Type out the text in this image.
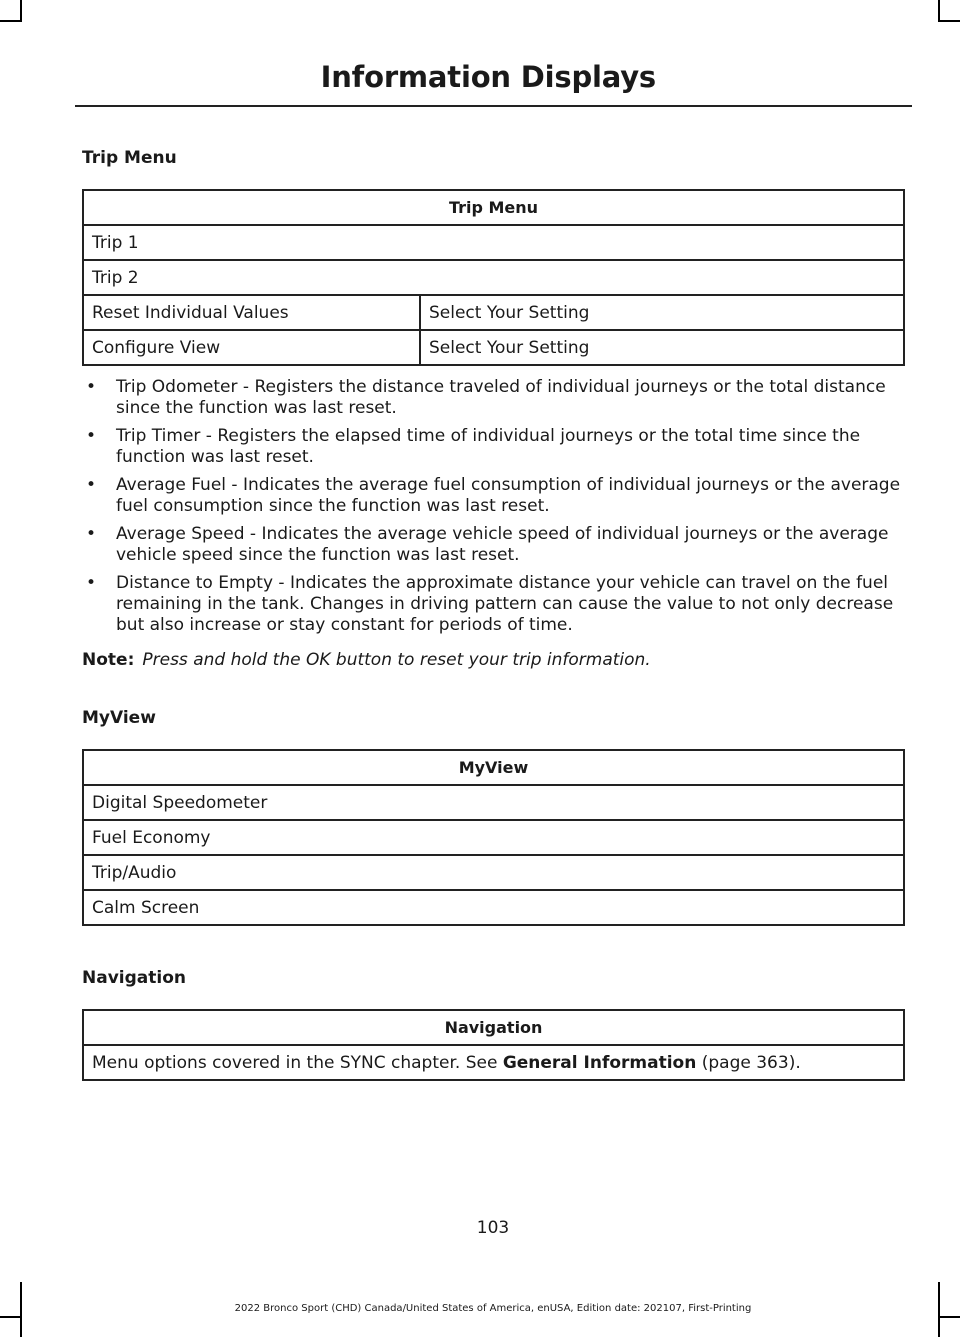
Information Displays
Trip Menu
Trip Menu	
Trip 1	
Trip 2	
Reset Individual Values	Select Your Setting
Configure View	Select Your Setting
• Trip Odometer - Registers the distance traveled of individual journeys or the total distance since the function was last reset.
• Trip Timer - Registers the elapsed time of individual journeys or the total time since the function was last reset.
• Average Fuel - Indicates the average fuel consumption of individual journeys or the average fuel consumption since the function was last reset.
• Average Speed - Indicates the average vehicle speed of individual journeys or the average vehicle speed since the function was last reset.
• Distance to Empty - Indicates the approximate distance your vehicle can travel on the fuel remaining in the tank. Changes in driving pattern can cause the value to not only decrease but also increase or stay constant for periods of time.
Note: Press and hold the OK button to reset your trip information.
MyView
MyView
Digital Speedometer
Fuel Economy
Trip/Audio
Calm Screen
Navigation
Navigation
Menu options covered in the SYNC chapter. See General Information (page 363).
103
2022 Bronco Sport (CHD) Canada/United States of America, enUSA, Edition date: 202107, First-Printing
